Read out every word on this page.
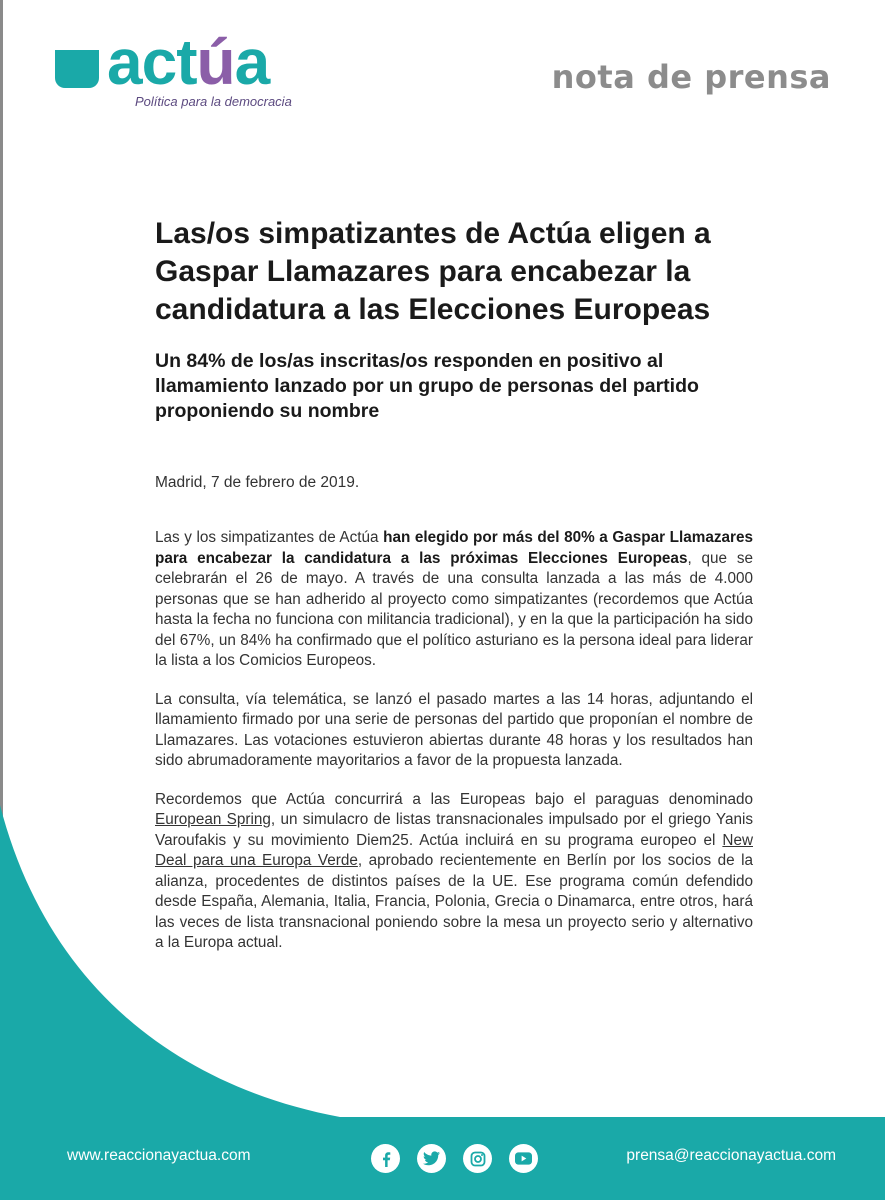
actúa
Política para la democracia
nota de prensa
Las/os simpatizantes de Actúa eligen a Gaspar Llamazares para encabezar la candidatura a las Elecciones Europeas
Un 84% de los/as inscritas/os responden en positivo al llamamiento lanzado por un grupo de personas del partido proponiendo su nombre

Madrid, 7 de febrero de 2019.

Las y los simpatizantes de Actúa han elegido por más del 80% a Gaspar Llamazares para encabezar la candidatura a las próximas Elecciones Europeas, que se celebrarán el 26 de mayo. A través de una consulta lanzada a las más de 4.000 personas que se han adherido al proyecto como simpatizantes (recordemos que Actúa hasta la fecha no funciona con militancia tradicional), y en la que la participación ha sido del 67%, un 84% ha confirmado que el político asturiano es la persona ideal para liderar la lista a los Comicios Europeos.

La consulta, vía telemática, se lanzó el pasado martes a las 14 horas, adjuntando el llamamiento firmado por una serie de personas del partido que proponían el nombre de Llamazares. Las votaciones estuvieron abiertas durante 48 horas y los resultados han sido abrumadoramente mayoritarios a favor de la propuesta lanzada.

Recordemos que Actúa concurrirá a las Europeas bajo el paraguas denominado European Spring, un simulacro de listas transnacionales impulsado por el griego Yanis Varoufakis y su movimiento Diem25. Actúa incluirá en su programa europeo el New Deal para una Europa Verde, aprobado recientemente en Berlín por los socios de la alianza, procedentes de distintos países de la UE. Ese programa común defendido desde España, Alemania, Italia, Francia, Polonia, Grecia o Dinamarca, entre otros, hará las veces de lista transnacional poniendo sobre la mesa un proyecto serio y alternativo a la Europa actual.

www.reaccionayactua.com	prensa@reaccionayactua.com
